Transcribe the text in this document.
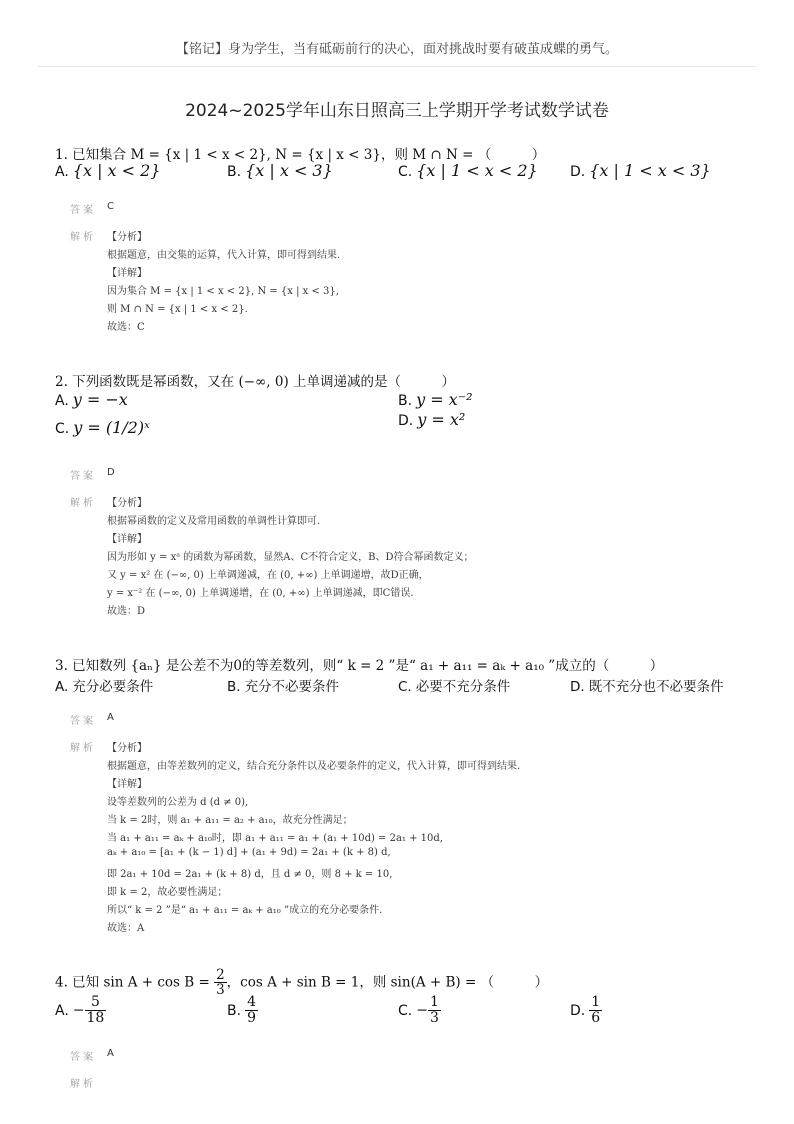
【铭记】身为学生，当有砥砺前行的决心，面对挑战时要有破茧成蝶的勇气。
2024~2025学年山东日照高三上学期开学考试数学试卷
1. 已知集合 M = {x | 1 < x < 2}, N = {x | x < 3}，则 M ∩ N = （　　　）
A. {x | x < 2}	B. {x | x < 3}	C. {x | 1 < x < 2} D. {x | 1 < x < 3}
答案 C
解析 【分析】
根据题意，由交集的运算，代入计算，即可得到结果.
【详解】
因为集合 M = {x | 1 < x < 2}, N = {x | x < 3},
则 M ∩ N = {x | 1 < x < 2}.
故选：C
2. 下列函数既是幂函数，又在 (−∞, 0) 上单调递减的是（　　　）
A. y = −x	B. y = x⁻²
C. y = (1/2)ˣ	D. y = x²
答案 D
解析 【分析】
根据幂函数的定义及常用函数的单调性计算即可.
【详解】
因为形如 y = xᵃ 的函数为幂函数，显然A、C不符合定义，B、D符合幂函数定义；
又 y = x² 在 (−∞, 0) 上单调递减，在 (0, +∞) 上单调递增，故D正确，
y = x⁻² 在 (−∞, 0) 上单调递增，在 (0, +∞) 上单调递减，即C错误.
故选：D
3. 已知数列 {aₙ} 是公差不为0的等差数列，则“ k = 2 ”是“ a₁ + a₁₁ = aₖ + a₁₀ ”成立的（　　　）
A. 充分必要条件	B. 充分不必要条件	C. 必要不充分条件	D. 既不充分也不必要条件
答案 A
解析 【分析】
根据题意，由等差数列的定义，结合充分条件以及必要条件的定义，代入计算，即可得到结果.
【详解】
设等差数列的公差为 d (d ≠ 0),
当 k = 2时，则 a₁ + a₁₁ = a₂ + a₁₀，故充分性满足；
当 a₁ + a₁₁ = aₖ + a₁₀时，即 a₁ + a₁₁ = a₁ + (a₁ + 10d) = 2a₁ + 10d,
aₖ + a₁₀ = [a₁ + (k − 1) d] + (a₁ + 9d) = 2a₁ + (k + 8) d,
即 2a₁ + 10d = 2a₁ + (k + 8) d，且 d ≠ 0，则 8 + k = 10,
即 k = 2，故必要性满足；
所以“ k = 2 ”是“ a₁ + a₁₁ = aₖ + a₁₀ ”成立的充分必要条件.
故选：A
4. 已知 $\sin A + \cos B = \frac{2}{3}$ ，cos A + sin B = 1，则 sin(A + B) = （　　　）
A. − $\frac{5}{18}$	B. $\frac{4}{9}$	C. − $\frac{1}{3}$	D. $\frac{1}{6}$
答案 A
解析
